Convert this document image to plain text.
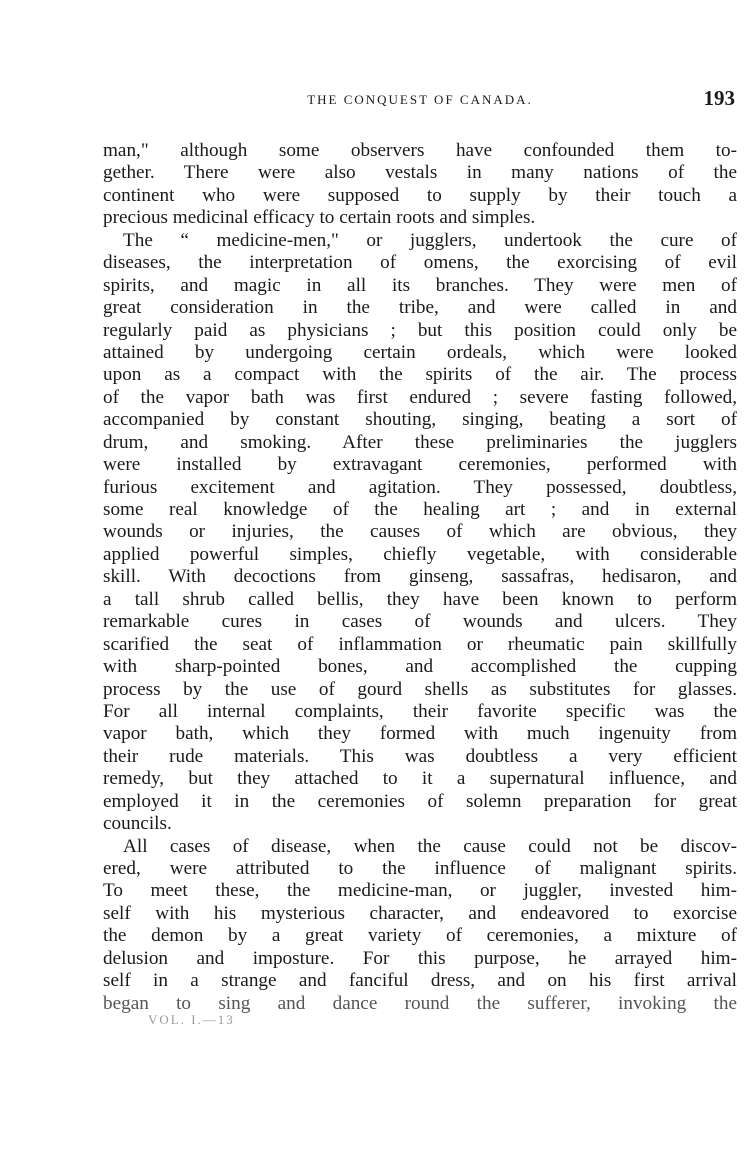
THE CONQUEST OF CANADA.	193
man," although some observers have confounded them to-
gether. There were also vestals in many nations of the
continent who were supposed to supply by their touch a
precious medicinal efficacy to certain roots and simples.
The “ medicine-men," or jugglers, undertook the cure of
diseases, the interpretation of omens, the exorcising of evil
spirits, and magic in all its branches. They were men of
great consideration in the tribe, and were called in and
regularly paid as physicians ; but this position could only be
attained by undergoing certain ordeals, which were looked
upon as a compact with the spirits of the air. The process
of the vapor bath was first endured ; severe fasting followed,
accompanied by constant shouting, singing, beating a sort of
drum, and smoking. After these preliminaries the jugglers
were installed by extravagant ceremonies, performed with
furious excitement and agitation. They possessed, doubtless,
some real knowledge of the healing art ; and in external
wounds or injuries, the causes of which are obvious, they
applied powerful simples, chiefly vegetable, with considerable
skill. With decoctions from ginseng, sassafras, hedisaron, and
a tall shrub called bellis, they have been known to perform
remarkable cures in cases of wounds and ulcers. They
scarified the seat of inflammation or rheumatic pain skillfully
with sharp-pointed bones, and accomplished the cupping
process by the use of gourd shells as substitutes for glasses.
For all internal complaints, their favorite specific was the
vapor bath, which they formed with much ingenuity from
their rude materials. This was doubtless a very efficient
remedy, but they attached to it a supernatural influence, and
employed it in the ceremonies of solemn preparation for great
councils.
All cases of disease, when the cause could not be discov-
ered, were attributed to the influence of malignant spirits.
To meet these, the medicine-man, or juggler, invested him-
self with his mysterious character, and endeavored to exorcise
the demon by a great variety of ceremonies, a mixture of
delusion and imposture. For this purpose, he arrayed him-
self in a strange and fanciful dress, and on his first arrival
began to sing and dance round the sufferer, invoking the
VOL. I.—13
